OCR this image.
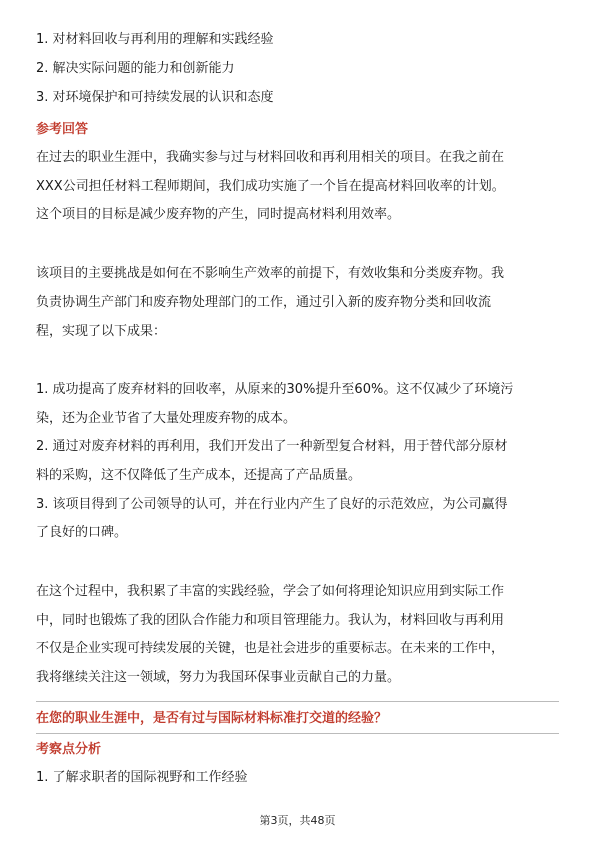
1. 对材料回收与再利用的理解和实践经验

2. 解决实际问题的能力和创新能力

3. 对环境保护和可持续发展的认识和态度

参考回答

在过去的职业生涯中，我确实参与过与材料回收和再利用相关的项目。在我之前在

XXX公司担任材料工程师期间，我们成功实施了一个旨在提高材料回收率的计划。

这个项目的目标是减少废弃物的产生，同时提高材料利用效率。

该项目的主要挑战是如何在不影响生产效率的前提下，有效收集和分类废弃物。我

负责协调生产部门和废弃物处理部门的工作，通过引入新的废弃物分类和回收流

程，实现了以下成果：

1. 成功提高了废弃材料的回收率，从原来的30%提升至60%。这不仅减少了环境污

染，还为企业节省了大量处理废弃物的成本。

2. 通过对废弃材料的再利用，我们开发出了一种新型复合材料，用于替代部分原材

料的采购，这不仅降低了生产成本，还提高了产品质量。

3. 该项目得到了公司领导的认可，并在行业内产生了良好的示范效应，为公司赢得

了良好的口碑。

在这个过程中，我积累了丰富的实践经验，学会了如何将理论知识应用到实际工作

中，同时也锻炼了我的团队合作能力和项目管理能力。我认为，材料回收与再利用

不仅是企业实现可持续发展的关键，也是社会进步的重要标志。在未来的工作中，

我将继续关注这一领域，努力为我国环保事业贡献自己的力量。

在您的职业生涯中，是否有过与国际材料标准打交道的经验？

考察点分析

1. 了解求职者的国际视野和工作经验

第3页，共48页
